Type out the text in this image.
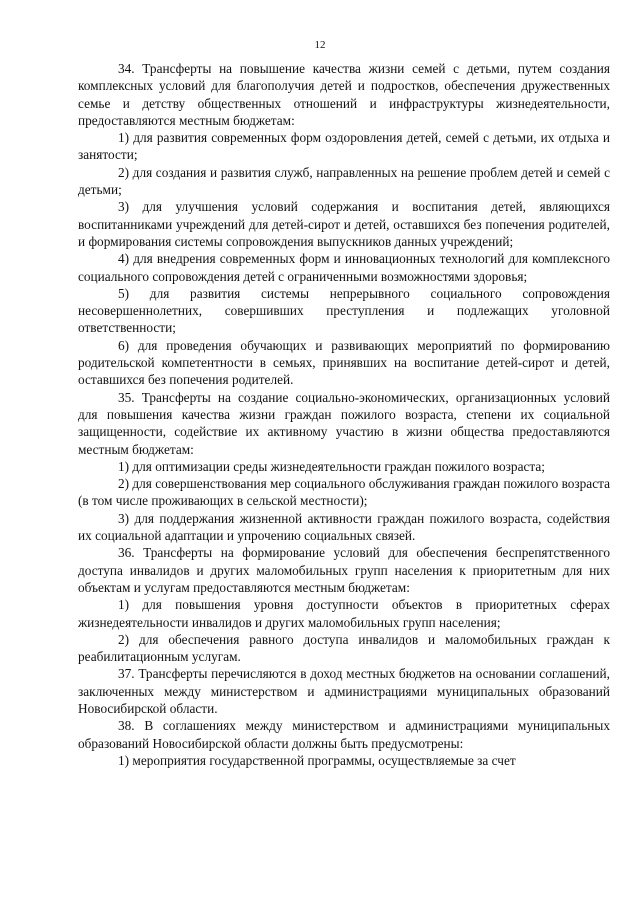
12

34. Трансферты на повышение качества жизни семей с детьми, путем создания комплексных условий для благополучия детей и подростков, обеспечения дружественных семье и детству общественных отношений и инфраструктуры жизнедеятельности, предоставляются местным бюджетам:

1) для развития современных форм оздоровления детей, семей с детьми, их отдыха и занятости;

2) для создания и развития служб, направленных на решение проблем детей и семей с детьми;

3) для улучшения условий содержания и воспитания детей, являющихся воспитанниками учреждений для детей-сирот и детей, оставшихся без попечения родителей, и формирования системы сопровождения выпускников данных учреждений;

4) для внедрения современных форм и инновационных технологий для комплексного социального сопровождения детей с ограниченными возможностями здоровья;

5) для развития системы непрерывного социального сопровождения несовершеннолетних, совершивших преступления и подлежащих уголовной ответственности;

6) для проведения обучающих и развивающих мероприятий по формированию родительской компетентности в семьях, принявших на воспитание детей-сирот и детей, оставшихся без попечения родителей.

35. Трансферты на создание социально-экономических, организационных условий для повышения качества жизни граждан пожилого возраста, степени их социальной защищенности, содействие их активному участию в жизни общества предоставляются местным бюджетам:

1) для оптимизации среды жизнедеятельности граждан пожилого возраста;

2) для совершенствования мер социального обслуживания граждан пожилого возраста (в том числе проживающих в сельской местности);

3) для поддержания жизненной активности граждан пожилого возраста, содействия их социальной адаптации и упрочению социальных связей.

36. Трансферты на формирование условий для обеспечения беспрепятственного доступа инвалидов и других маломобильных групп населения к приоритетным для них объектам и услугам предоставляются местным бюджетам:

1) для повышения уровня доступности объектов в приоритетных сферах жизнедеятельности инвалидов и других маломобильных групп населения;

2) для обеспечения равного доступа инвалидов и маломобильных граждан к реабилитационным услугам.

37. Трансферты перечисляются в доход местных бюджетов на основании соглашений, заключенных между министерством и администрациями муниципальных образований Новосибирской области.

38. В соглашениях между министерством и администрациями муниципальных образований Новосибирской области должны быть предусмотрены:

1) мероприятия государственной программы, осуществляемые за счет
